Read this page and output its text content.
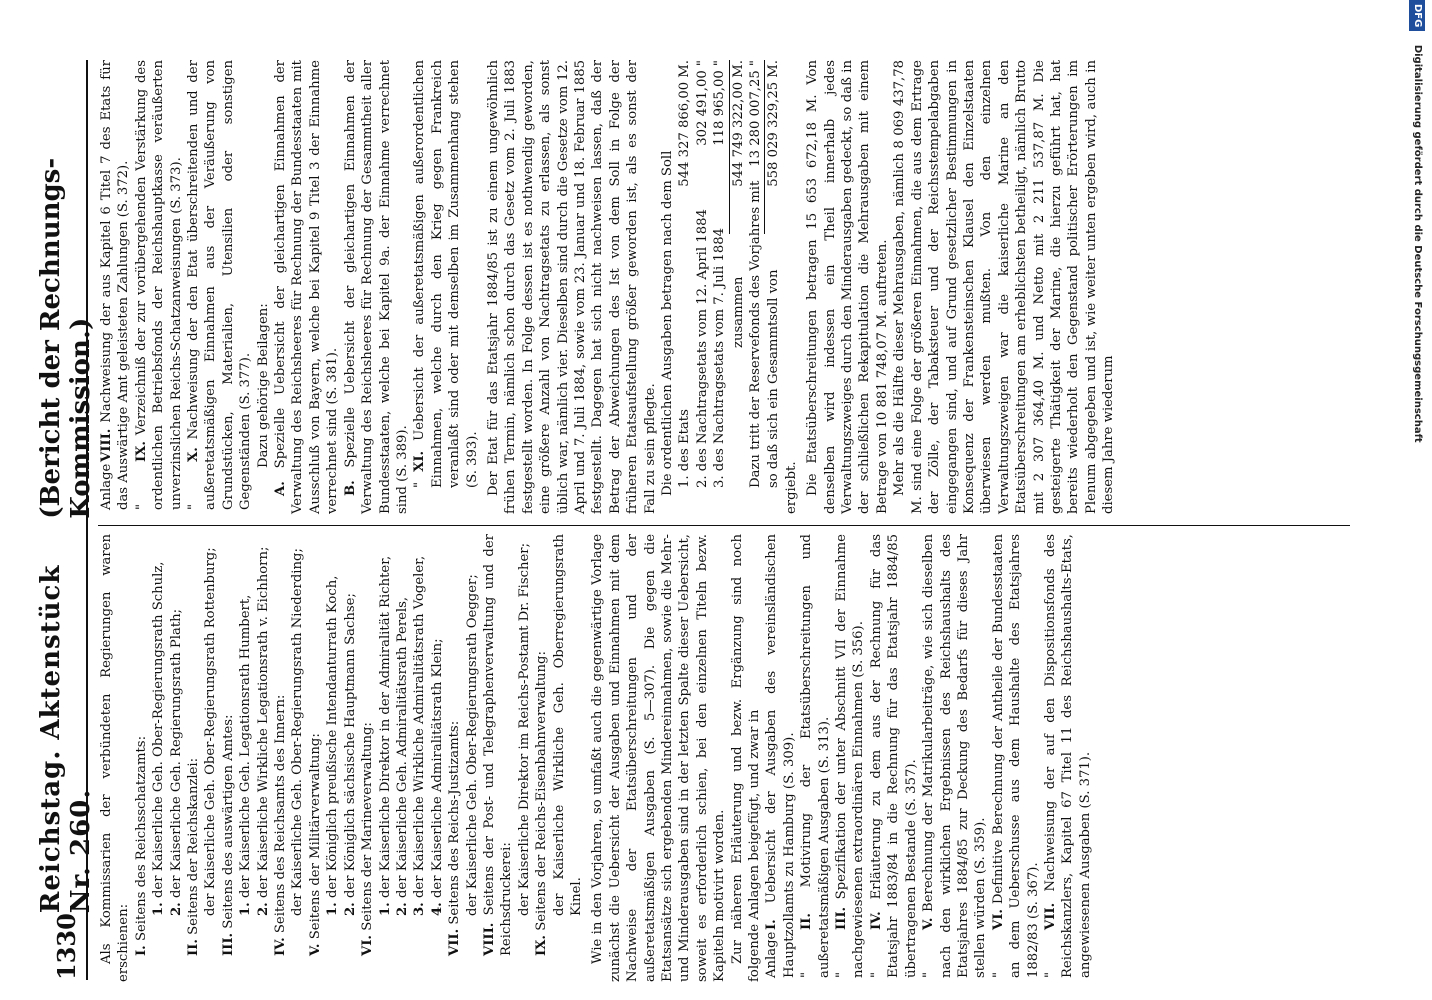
1330
Reichstag. Aktenstück Nr. 260.
(Bericht der Rechnungs-Kommission.)

Als Kommissarien der verbündeten Regierungen waren erschienen: I. Seitens des Reichsschatzamts: 1. der Kaiserliche Geh. Ober-Regierungsrath Schulz,

2. der Kaiserliche Geh. Regierungsrath Plath;

II. Seitens der Reichskanzlei: der Kaiserliche Geh. Ober-Regierungsrath Rottenburg;

III. Seitens des auswärtigen Amtes: 1. der Kaiserliche Geh. Legationsrath Humbert,

2. der Kaiserliche Wirkliche Legationsrath v. Eichhorn;

IV. Seitens des Reichsamts des Innern: der Kaiserliche Geh. Ober-Regierungsrath Niederding;

V. Seitens der Militärverwaltung: 1. der Königlich preußische Intendanturrath Koch,

2. der Königlich sächsische Hauptmann Sachse;

VI. Seitens der Marineverwaltung: 1. der Kaiserliche Direktor in der Admiralität Richter,

2. der Kaiserliche Geh. Admiralitätsrath Perels,

3. der Kaiserliche Wirkliche Admiralitätsrath Vogeler,

4. der Kaiserliche Admiralitätsrath Klein;

VII. Seitens des Reichs-Justizamts: der Kaiserliche Geh. Ober-Regierungsrath Oegger;

VIII. Seitens der Post- und Telegraphenverwaltung und der Reichsdruckerei: der Kaiserliche Direktor im Reichs-Postamt Dr. Fischer;

IX. Seitens der Reichs-Eisenbahnverwaltung: der Kaiserliche Wirkliche Geh. Oberregierungsrath Kinel. Wie in den Vorjahren, so umfaßt auch die gegenwärtige Vorlage zunächst die Uebersicht der Ausgaben und Einnahmen mit dem Nachweise der Etatsüberschreitungen und der außeretatsmäßigen Ausgaben (S. 5—307). Die gegen die Etatsansätze sich ergebenden Mindereinnahmen, sowie die Mehr- und Minderausgaben sind in der letzten Spalte dieser Uebersicht, soweit es erforderlich schien, bei den einzelnen Titeln bezw. Kapiteln motivirt worden. Zur näheren Erläuterung und bezw. Ergänzung sind noch folgende Anlagen beigefügt, und zwar in AnlageI. Uebersicht der Ausgaben des vereinsländischen Hauptzollamts zu Hamburg (S. 309). "II. Motivirung der Etatsüberschreitungen und außeretatsmäßigen Ausgaben (S. 313). "III. Spezifikation der unter Abschnitt VII der Einnahme nachgewiesenen extraordinären Einnahmen (S. 356). "IV. Erläuterung zu dem aus der Rechnung für das Etatsjahr 1883/84 in die Rechnung für das Etatsjahr 1884/85 übertragenen Bestande (S. 357). "V. Berechnung der Matrikularbeiträge, wie sich dieselben nach den wirklichen Ergebnissen des Reichshaushalts des Etatsjahres 1884/85 zur Deckung des Bedarfs für dieses Jahr stellen würden (S. 359). "VI. Definitive Berechnung der Antheile der Bundesstaaten an dem Ueberschusse aus dem Haushalte des Etatsjahres 1882/83 (S. 367). "VII. Nachweisung der auf den Dispositionsfonds des Reichskanzlers, Kapitel 67 Titel 11 des Reichshaushalts-Etats, angewiesenen Ausgaben (S. 371).

AnlageVIII. Nachweisung der aus Kapitel 6 Titel 7 des Etats für das Auswärtige Amt geleisteten Zahlungen (S. 372). "IX. Verzeichniß der zur vorübergehenden Verstärkung des ordentlichen Betriebsfonds der Reichshauptkasse veräußerten unverzinslichen Reichs-Schatzanweisungen (S. 373). "X. Nachweisung der den Etat überschreitenden und der außeretatsmäßigen Einnahmen aus der Veräußerung von Grundstücken, Materialien, Utensilien oder sonstigen Gegenständen (S. 377). Dazu gehörige Beilagen:

A. Spezielle Uebersicht der gleichartigen Einnahmen der Verwaltung des Reichsheeres für Rechnung der Bundesstaaten mit Ausschluß von Bayern, welche bei Kapitel 9 Titel 3 der Einnahme verrechnet sind (S. 381). B. Spezielle Uebersicht der gleichartigen Einnahmen der Verwaltung des Reichsheeres für Rechnung der Gesammtheit aller Bundesstaaten, welche bei Kapitel 9a. der Einnahme verrechnet sind (S. 389). " XI. Uebersicht der außeretatsmäßigen außerordentlichen Einnahmen, welche durch den Krieg gegen Frankreich veranlaßt sind oder mit demselben im Zusammenhang stehen (S. 393). Der Etat für das Etatsjahr 1884/85 ist zu einem ungewöhnlich frühen Termin, nämlich schon durch das Gesetz vom 2. Juli 1883 festgestellt worden. In Folge dessen ist es nothwendig geworden, eine größere Anzahl von Nachtragsetats zu erlassen, als sonst üblich war, nämlich vier. Dieselben sind durch die Gesetze vom 12. April und 7. Juli 1884, sowie vom 23. Januar und 18. Februar 1885 festgestellt. Dagegen hat sich nicht nachweisen lassen, daß der Betrag der Abweichungen des Ist von dem Soll in Folge der früheren Etatsaufstellung größer geworden ist, als es sonst der Fall zu sein pflegte. Die ordentlichen Ausgaben betragen nach dem Soll 1. des Etats
544 327 866,00 M.
2. des Nachtragsetats vom 12. April 1884
302 491,00 "
3. des Nachtragsetats vom 7. Juli 1884
118 965,00 "
zusammen
544 749 322,00 M.
Dazu tritt der Reservefonds des Vorjahres mit
13 280 007,25 "
so daß sich ein Gesammtsoll von
558 029 329,25 M.

ergiebt. Die Etatsüberschreitungen betragen 15 653 672,18 M. Von denselben wird indessen ein Theil innerhalb jedes Verwaltungszweiges durch den Minderausgaben gedeckt, so daß in der schließlichen Rekapitulation die Mehrausgaben mit einem Betrage von 10 881 748,07 M. auftreten. Mehr als die Hälfte dieser Mehrausgaben, nämlich 8 069 437,78 M. sind eine Folge der größeren Einnahmen, die aus dem Ertrage der Zölle, der Tabaksteuer und der Reichsstempelabgaben eingegangen sind, und auf Grund gesetzlicher Bestimmungen in Konsequenz der Frankensteinschen Klausel den Einzelstaaten überwiesen werden mußten. Von den einzelnen Verwaltungszweigen war die kaiserliche Marine an den Etatsüberschreitungen am erheblichsten betheiligt, nämlich Brutto mit 2 307 364,40 M. und Netto mit 2 211 537,87 M. Die gesteigerte Thätigkeit der Marine, die hierzu geführt hat, hat bereits wiederholt den Gegenstand politischer Erörterungen im Plenum abgegeben und ist, wie weiter unten ergeben wird, auch in diesem Jahre wiederum

DFG Digitalisierung gefördert durch die Deutsche Forschungsgemeinschaft
